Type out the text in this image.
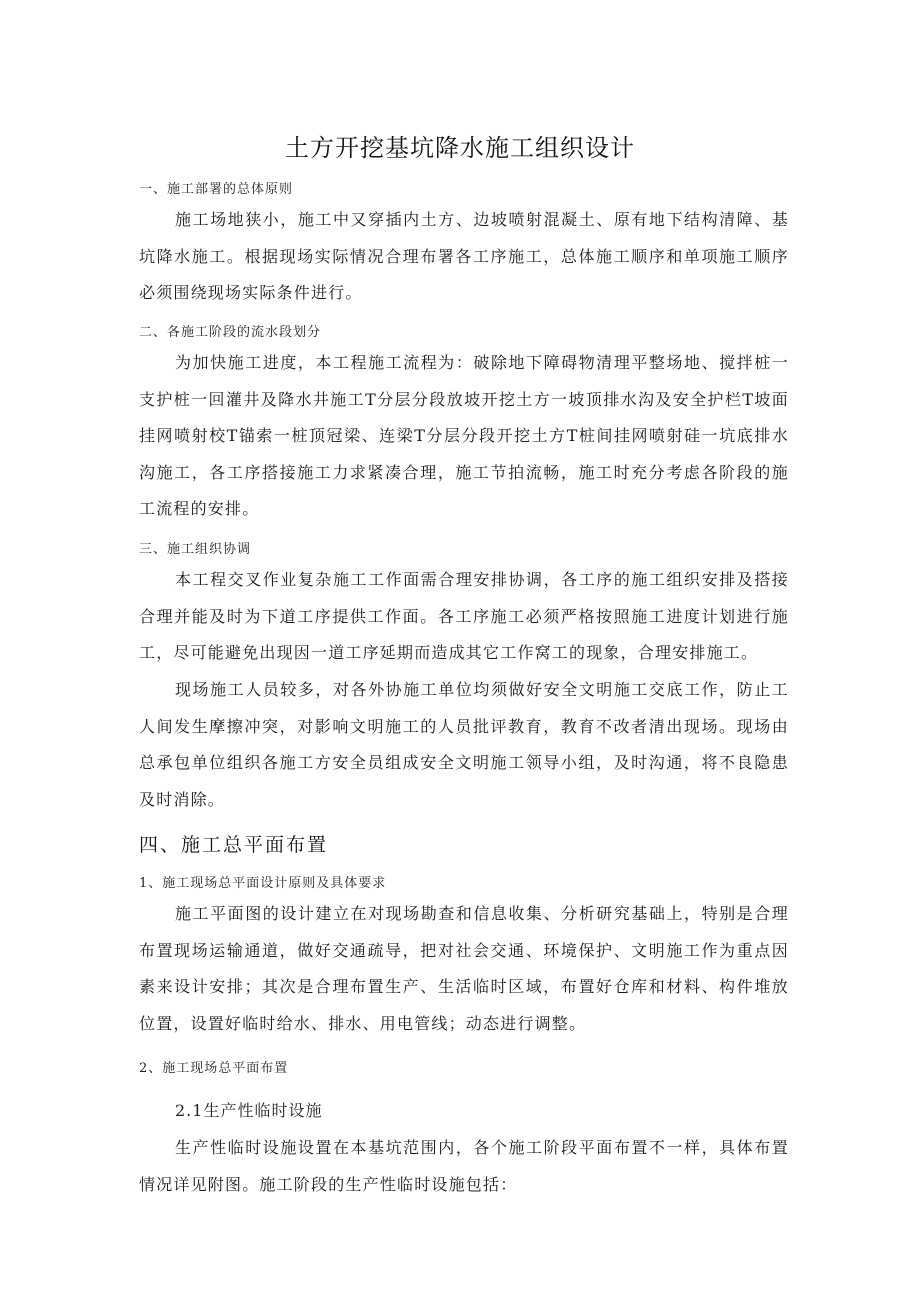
土方开挖基坑降水施工组织设计
一、施工部署的总体原则
施工场地狭小，施工中又穿插内土方、边坡喷射混凝土、原有地下结构清障、基坑降水施工。根据现场实际情况合理布署各工序施工，总体施工顺序和单项施工顺序必须围绕现场实际条件进行。
二、各施工阶段的流水段划分
为加快施工进度，本工程施工流程为：破除地下障碍物清理平整场地、搅拌桩一支护桩一回灌井及降水井施工T分层分段放坡开挖土方一坡顶排水沟及安全护栏T坡面挂网喷射校T锚索一桩顶冠梁、连梁T分层分段开挖土方T桩间挂网喷射硅一坑底排水沟施工，各工序搭接施工力求紧凑合理，施工节拍流畅，施工时充分考虑各阶段的施工流程的安排。
三、施工组织协调
本工程交叉作业复杂施工工作面需合理安排协调，各工序的施工组织安排及搭接合理并能及时为下道工序提供工作面。各工序施工必须严格按照施工进度计划进行施工，尽可能避免出现因一道工序延期而造成其它工作窝工的现象，合理安排施工。
现场施工人员较多，对各外协施工单位均须做好安全文明施工交底工作，防止工人间发生摩擦冲突，对影响文明施工的人员批评教育，教育不改者清出现场。现场由总承包单位组织各施工方安全员组成安全文明施工领导小组，及时沟通，将不良隐患及时消除。
四、施工总平面布置
1、施工现场总平面设计原则及具体要求
施工平面图的设计建立在对现场勘查和信息收集、分析研究基础上，特别是合理布置现场运输通道，做好交通疏导，把对社会交通、环境保护、文明施工作为重点因素来设计安排；其次是合理布置生产、生活临时区域，布置好仓库和材料、构件堆放位置，设置好临时给水、排水、用电管线；动态进行调整。
2、施工现场总平面布置
2.1生产性临时设施
生产性临时设施设置在本基坑范围内，各个施工阶段平面布置不一样，具体布置情况详见附图。施工阶段的生产性临时设施包括：
